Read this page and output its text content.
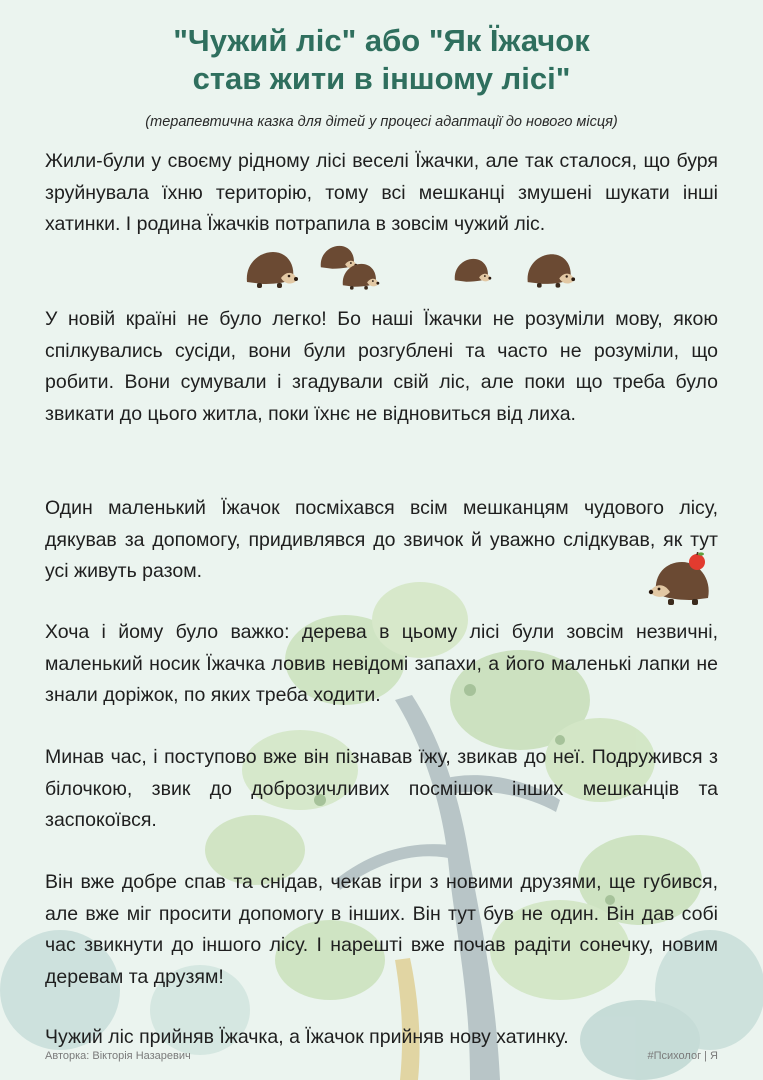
"Чужий ліс" або "Як Їжачок
став жити в іншому лісі"
(терапевтична казка для дітей у процесі адаптації до нового місця)

Жили-були у своєму рідному лісі веселі Їжачки, але так сталося, що буря зруйнувала їхню територію, тому всі мешканці змушені шукати інші хатинки. І родина Їжачків потрапила в зовсім чужий ліс.

У новій країні не було легко! Бо наші Їжачки не розуміли мову, якою спілкувались сусіди, вони були розгублені та часто не розуміли, що робити. Вони сумували і згадували свій ліс, але поки що треба було звикати до цього житла, поки їхнє не відновиться від лиха.

Один маленький Їжачок посміхався всім мешканцям чудового лісу, дякував за допомогу, придивлявся до звичок й уважно слідкував, як тут усі живуть разом.

Хоча і йому було важко: дерева в цьому лісі були зовсім незвичні, маленький носик Їжачка ловив невідомі запахи, а його маленькі лапки не знали доріжок, по яких треба ходити.

Минав час, і поступово вже він пізнавав їжу, звикав до неї. Подружився з білочкою, звик до доброзичливих посмішок інших мешканців та заспокоївся.

Він вже добре спав та снідав, чекав ігри з новими друзями, ще губився, але вже міг просити допомогу в інших. Він тут був не один. Він дав собі час звикнути до іншого лісу. І нарешті вже почав радіти сонечку, новим деревам та друзям!

Чужий ліс прийняв Їжачка, а Їжачок прийняв нову хатинку.

Авторка: Вікторія Назаревич	#Психолог | Я
